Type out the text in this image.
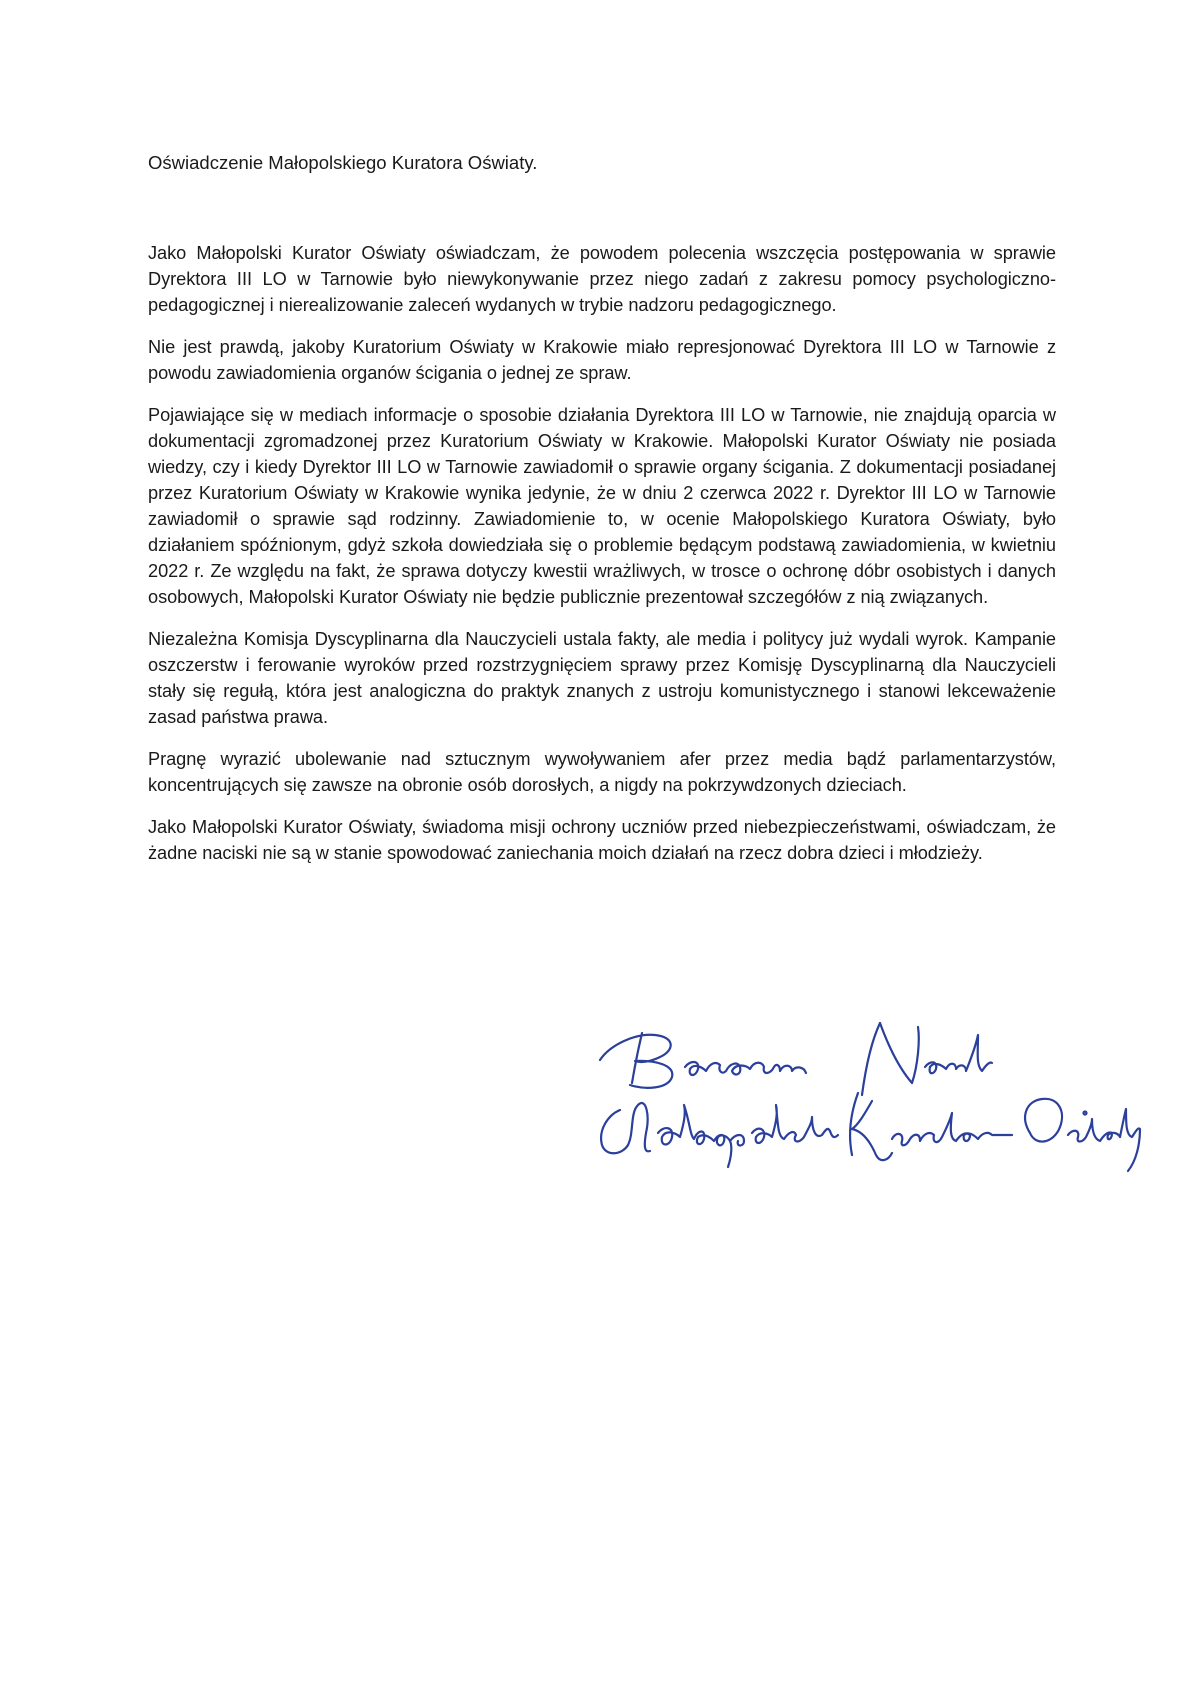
Oświadczenie Małopolskiego Kuratora Oświaty.

Jako Małopolski Kurator Oświaty oświadczam, że powodem polecenia wszczęcia postępowania w sprawie Dyrektora III LO w Tarnowie było niewykonywanie przez niego zadań z zakresu pomocy psychologiczno-pedagogicznej i nierealizowanie zaleceń wydanych w trybie nadzoru pedagogicznego.

Nie jest prawdą, jakoby Kuratorium Oświaty w Krakowie miało represjonować Dyrektora III LO w Tarnowie z powodu zawiadomienia organów ścigania o jednej ze spraw.

Pojawiające się w mediach informacje o sposobie działania Dyrektora III LO w Tarnowie, nie znajdują oparcia w dokumentacji zgromadzonej przez Kuratorium Oświaty w Krakowie. Małopolski Kurator Oświaty nie posiada wiedzy, czy i kiedy Dyrektor III LO w Tarnowie zawiadomił o sprawie organy ścigania. Z dokumentacji posiadanej przez Kuratorium Oświaty w Krakowie wynika jedynie, że w dniu 2 czerwca 2022 r. Dyrektor III LO w Tarnowie zawiadomił o sprawie sąd rodzinny. Zawiadomienie to, w ocenie Małopolskiego Kuratora Oświaty, było działaniem spóźnionym, gdyż szkoła dowiedziała się o problemie będącym podstawą zawiadomienia, w kwietniu 2022 r. Ze względu na fakt, że sprawa dotyczy kwestii wrażliwych, w trosce o ochronę dóbr osobistych i danych osobowych, Małopolski Kurator Oświaty nie będzie publicznie prezentował szczegółów z nią związanych.

Niezależna Komisja Dyscyplinarna dla Nauczycieli ustala fakty, ale media i politycy już wydali wyrok. Kampanie oszczerstw i ferowanie wyroków przed rozstrzygnięciem sprawy przez Komisję Dyscyplinarną dla Nauczycieli stały się regułą, która jest analogiczna do praktyk znanych z ustroju komunistycznego i stanowi lekceważenie zasad państwa prawa.

Pragnę wyrazić ubolewanie nad sztucznym wywoływaniem afer przez media bądź parlamentarzystów, koncentrujących się zawsze na obronie osób dorosłych, a nigdy na pokrzywdzonych dzieciach.

Jako Małopolski Kurator Oświaty, świadoma misji ochrony uczniów przed niebezpieczeństwami, oświadczam, że żadne naciski nie są w stanie spowodować zaniechania moich działań na rzecz dobra dzieci i młodzieży.
